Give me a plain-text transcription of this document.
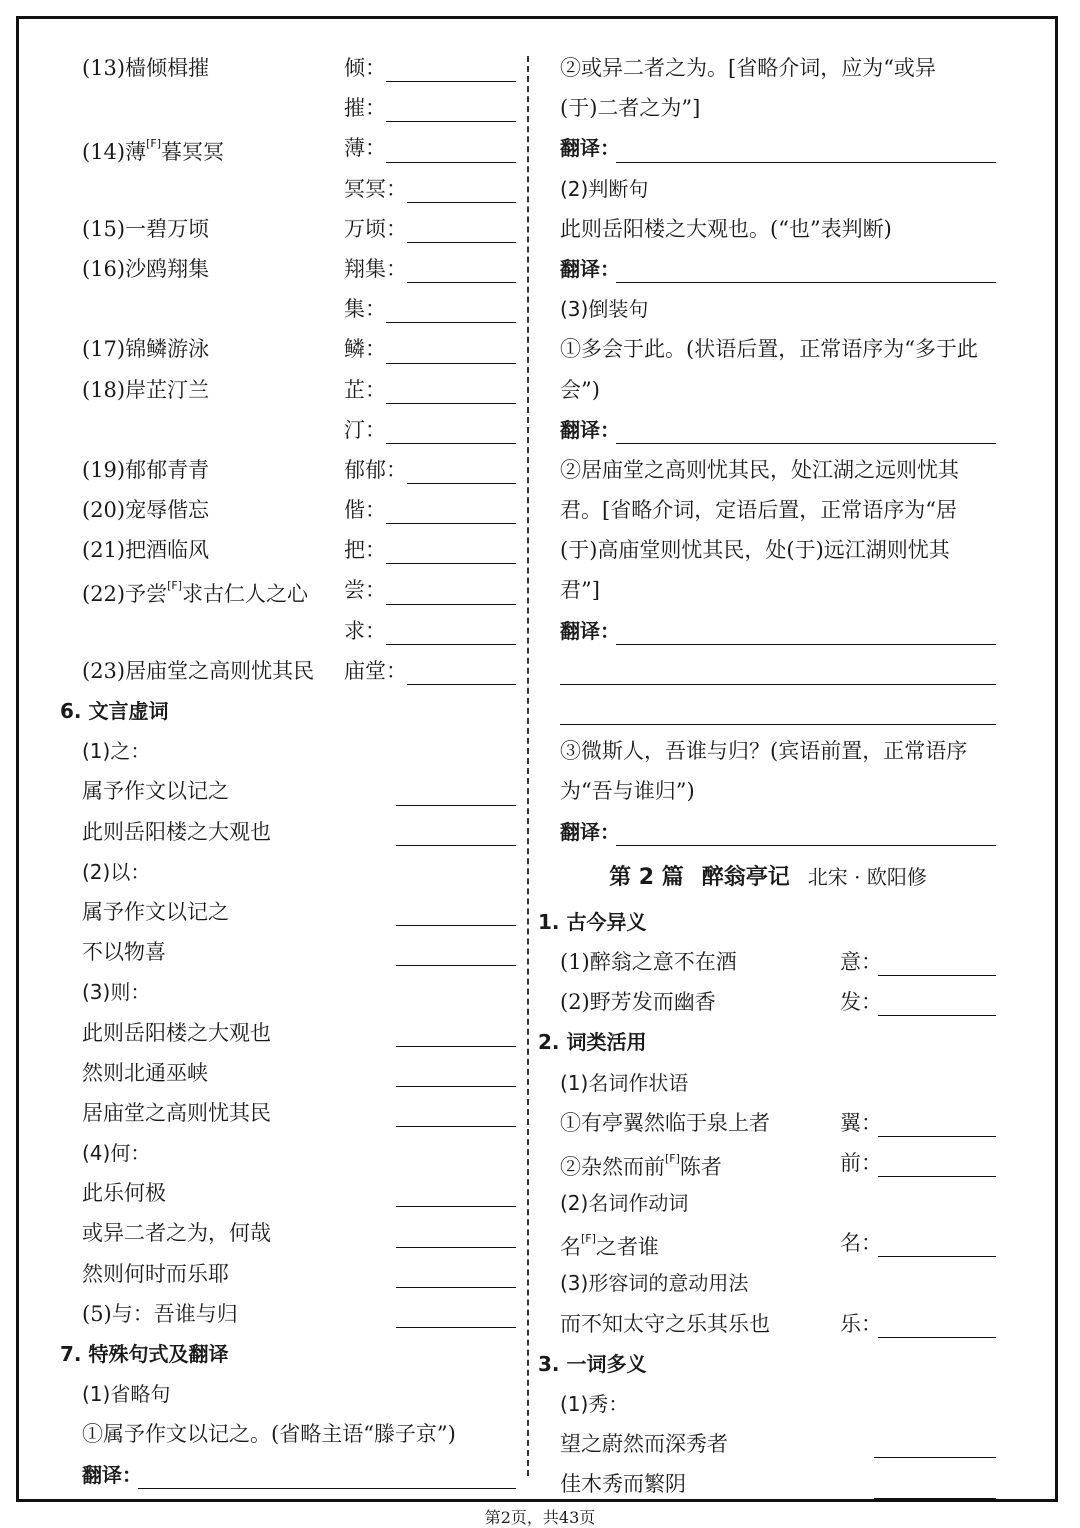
(13)樯倾楫摧	倾：
摧：
(14)薄[F]暮冥冥	薄：
冥冥：
(15)一碧万顷	万顷：
(16)沙鸥翔集	翔集：
集：
(17)锦鳞游泳	鳞：
(18)岸芷汀兰	芷：
汀：
(19)郁郁青青	郁郁：
(20)宠辱偕忘	偕：
(21)把酒临风	把：
(22)予尝[F]求古仁人之心 尝：
求：
(23)居庙堂之高则忧其民 庙堂：
6. 文言虚词
(1)之：
属予作文以记之
此则岳阳楼之大观也
(2)以：
属予作文以记之
不以物喜
(3)则：
此则岳阳楼之大观也
然则北通巫峡
居庙堂之高则忧其民
(4)何：
此乐何极
或异二者之为，何哉
然则何时而乐耶
(5)与：吾谁与归
7. 特殊句式及翻译
(1)省略句
①属予作文以记之。(省略主语“滕子京”)
翻译：
②或异二者之为。[省略介词，应为“或异
(于)二者之为”]
翻译：
(2)判断句
此则岳阳楼之大观也。(“也”表判断)
翻译：
(3)倒装句
①多会于此。(状语后置，正常语序为“多于此
会”)
翻译：
②居庙堂之高则忧其民，处江湖之远则忧其
君。[省略介词，定语后置，正常语序为“居
(于)高庙堂则忧其民，处(于)远江湖则忧其
君”]
翻译：
③微斯人，吾谁与归？(宾语前置，正常语序
为“吾与谁归”)
翻译：
第 2 篇 醉翁亭记 北宋 · 欧阳修
1. 古今异义
(1)醉翁之意不在酒	意：
(2)野芳发而幽香	发：
2. 词类活用
(1)名词作状语
①有亭翼然临于泉上者	翼：
②杂然而前[F]陈者	前：
(2)名词作动词
名[F]之者谁	名：
(3)形容词的意动用法
而不知太守之乐其乐也	乐：
3. 一词多义
(1)秀：
望之蔚然而深秀者
佳木秀而繁阴
第2页，共43页
